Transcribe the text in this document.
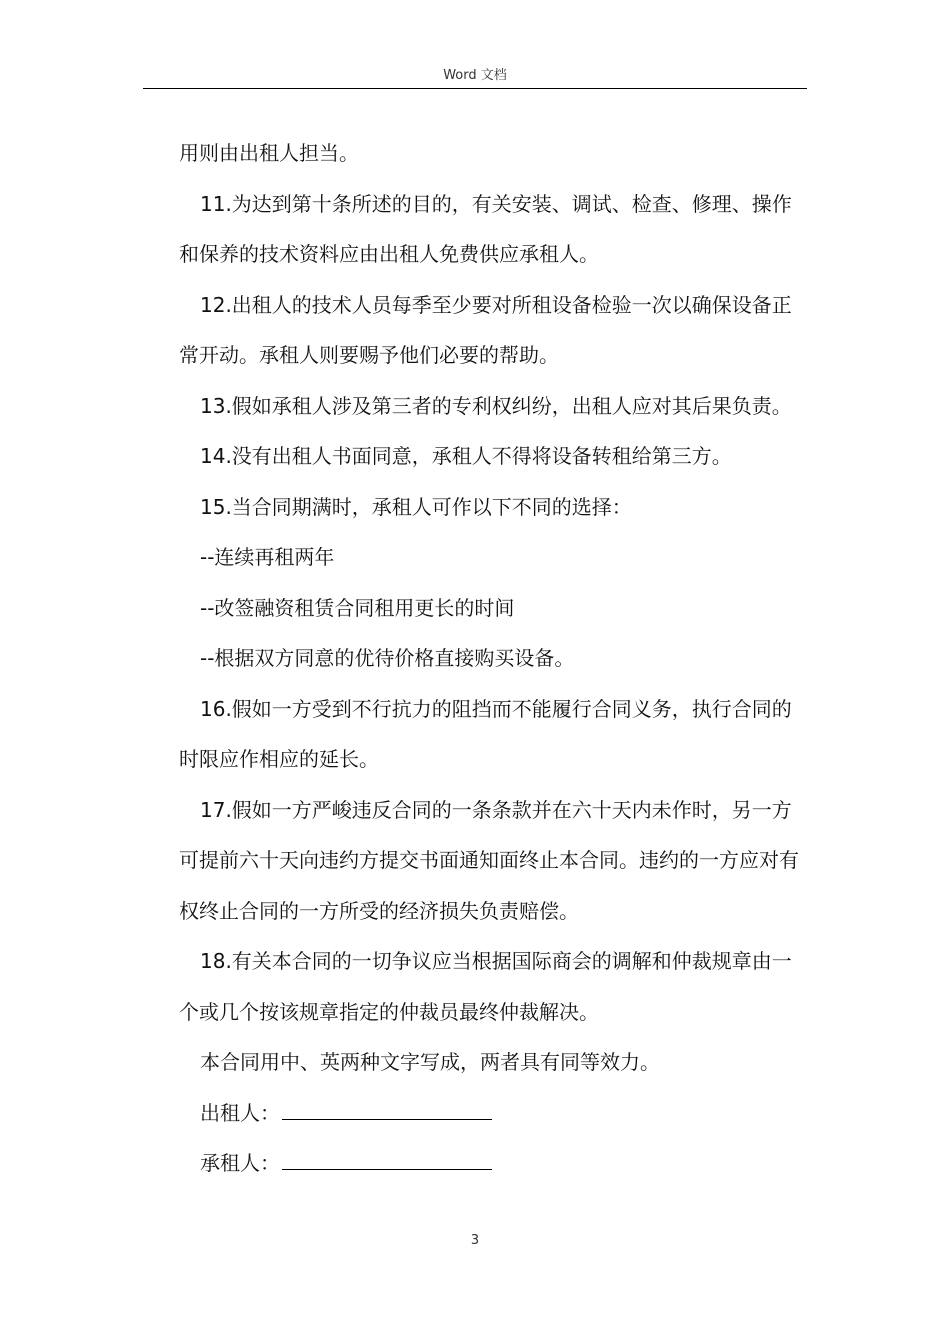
Word 文档

用则由出租人担当。

11.为达到第十条所述的目的，有关安装、调试、检查、修理、操作和保养的技术资料应由出租人免费供应承租人。

12.出租人的技术人员每季至少要对所租设备检验一次以确保设备正常开动。承租人则要赐予他们必要的帮助。

13.假如承租人涉及第三者的专利权纠纷，出租人应对其后果负责。

14.没有出租人书面同意，承租人不得将设备转租给第三方。

15.当合同期满时，承租人可作以下不同的选择：

--连续再租两年

--改签融资租赁合同租用更长的时间

--根据双方同意的优待价格直接购买设备。

16.假如一方受到不行抗力的阻挡而不能履行合同义务，执行合同的时限应作相应的延长。

17.假如一方严峻违反合同的一条条款并在六十天内未作时，另一方可提前六十天向违约方提交书面通知面终止本合同。违约的一方应对有权终止合同的一方所受的经济损失负责赔偿。

18.有关本合同的一切争议应当根据国际商会的调解和仲裁规章由一个或几个按该规章指定的仲裁员最终仲裁解决。

本合同用中、英两种文字写成，两者具有同等效力。

出租人：
承租人：
3
